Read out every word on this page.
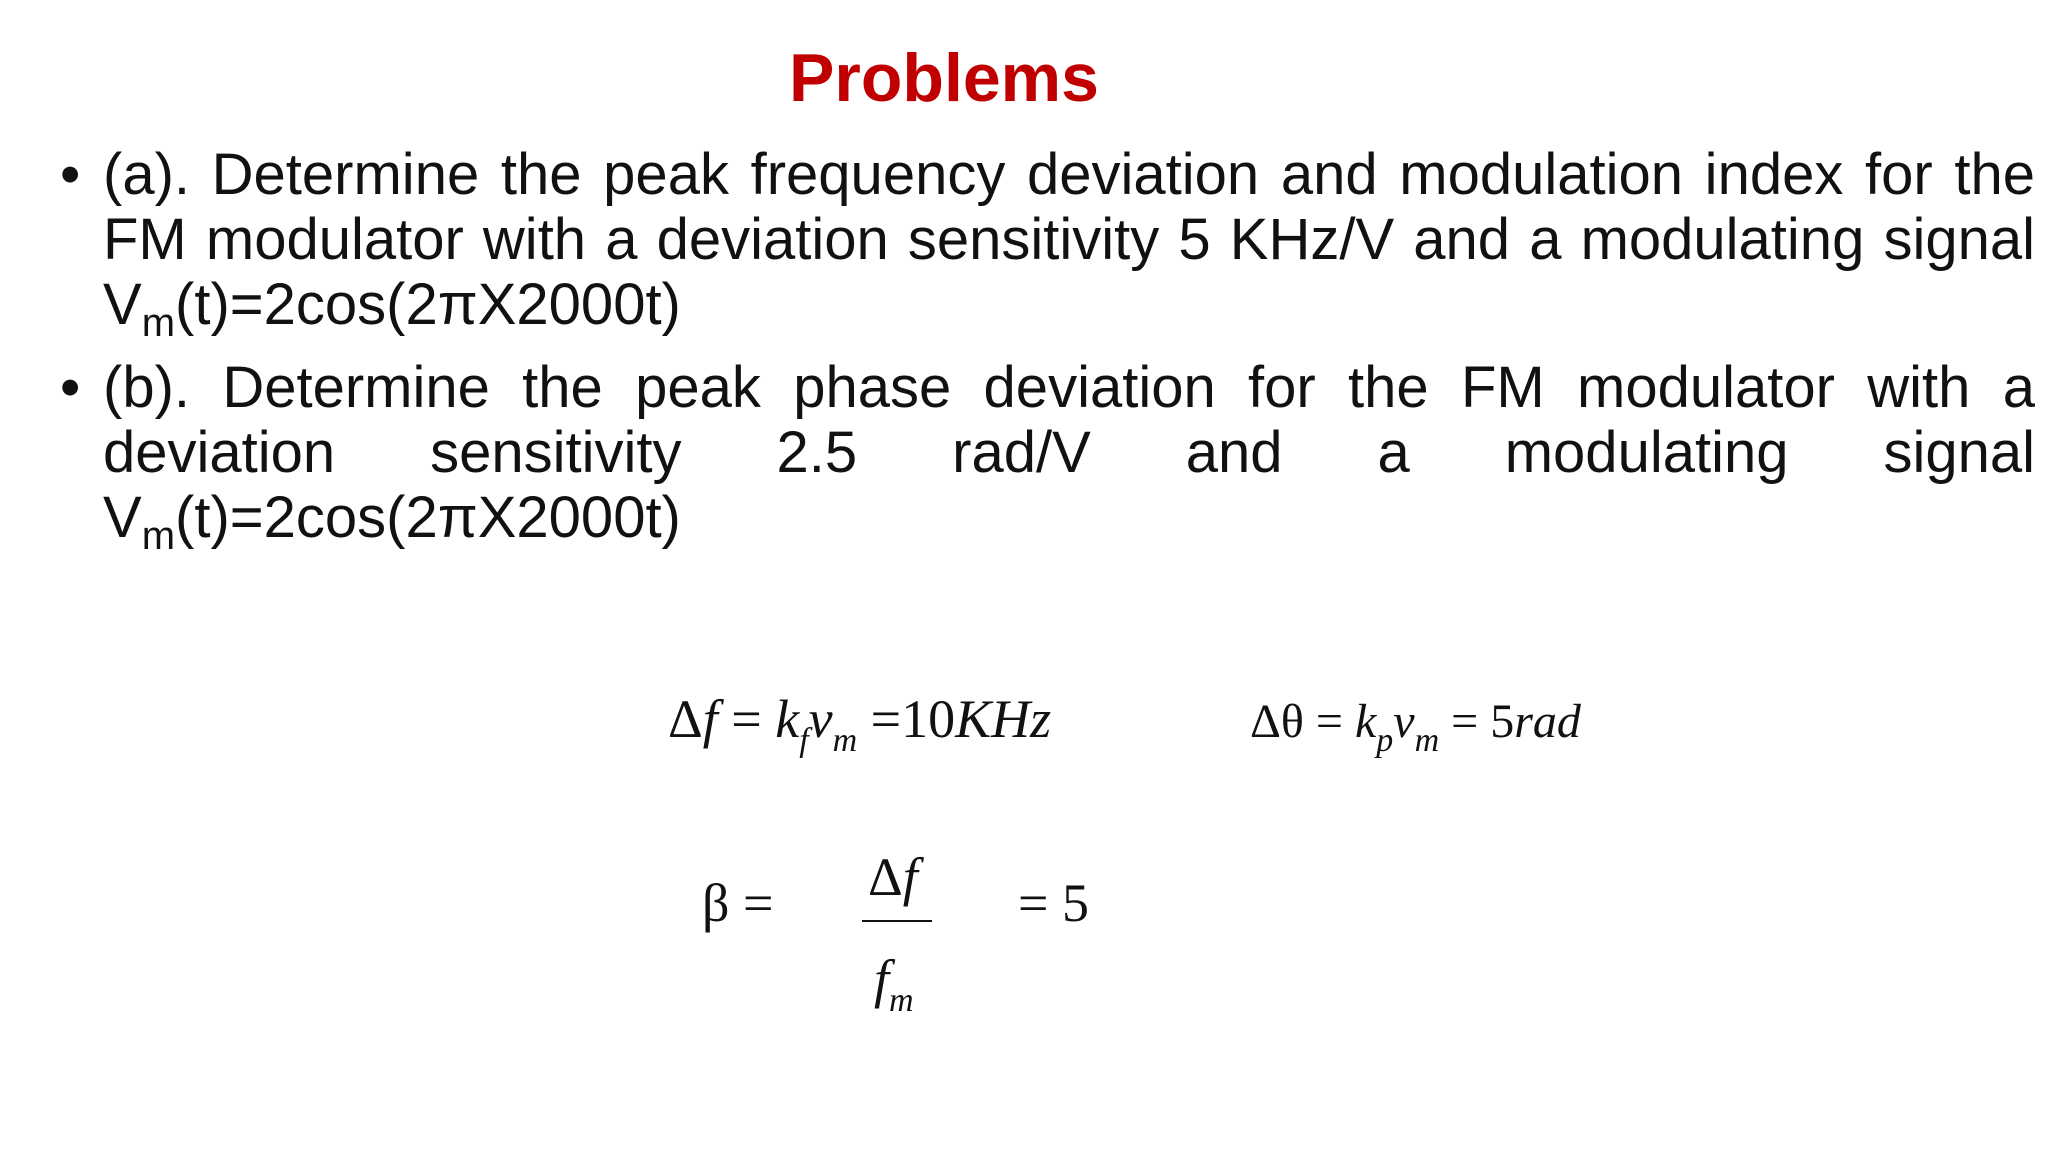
Problems
• (a). Determine the peak frequency deviation and modulation index for the FM modulator with a deviation sensitivity 5 KHz/V and a modulating signal $V_m(t)=2\cos(2\pi X2000t)$
• (b). Determine the peak phase deviation for the FM modulator with a deviation sensitivity 2.5 rad/V and a modulating signal $V_m(t)=2\cos(2\pi X2000t)$
$\Delta f = k_fv_m =10KHz$	$\Delta\theta = k_pv_m = 5rad$
β = Δf
$f_m$
= 5
